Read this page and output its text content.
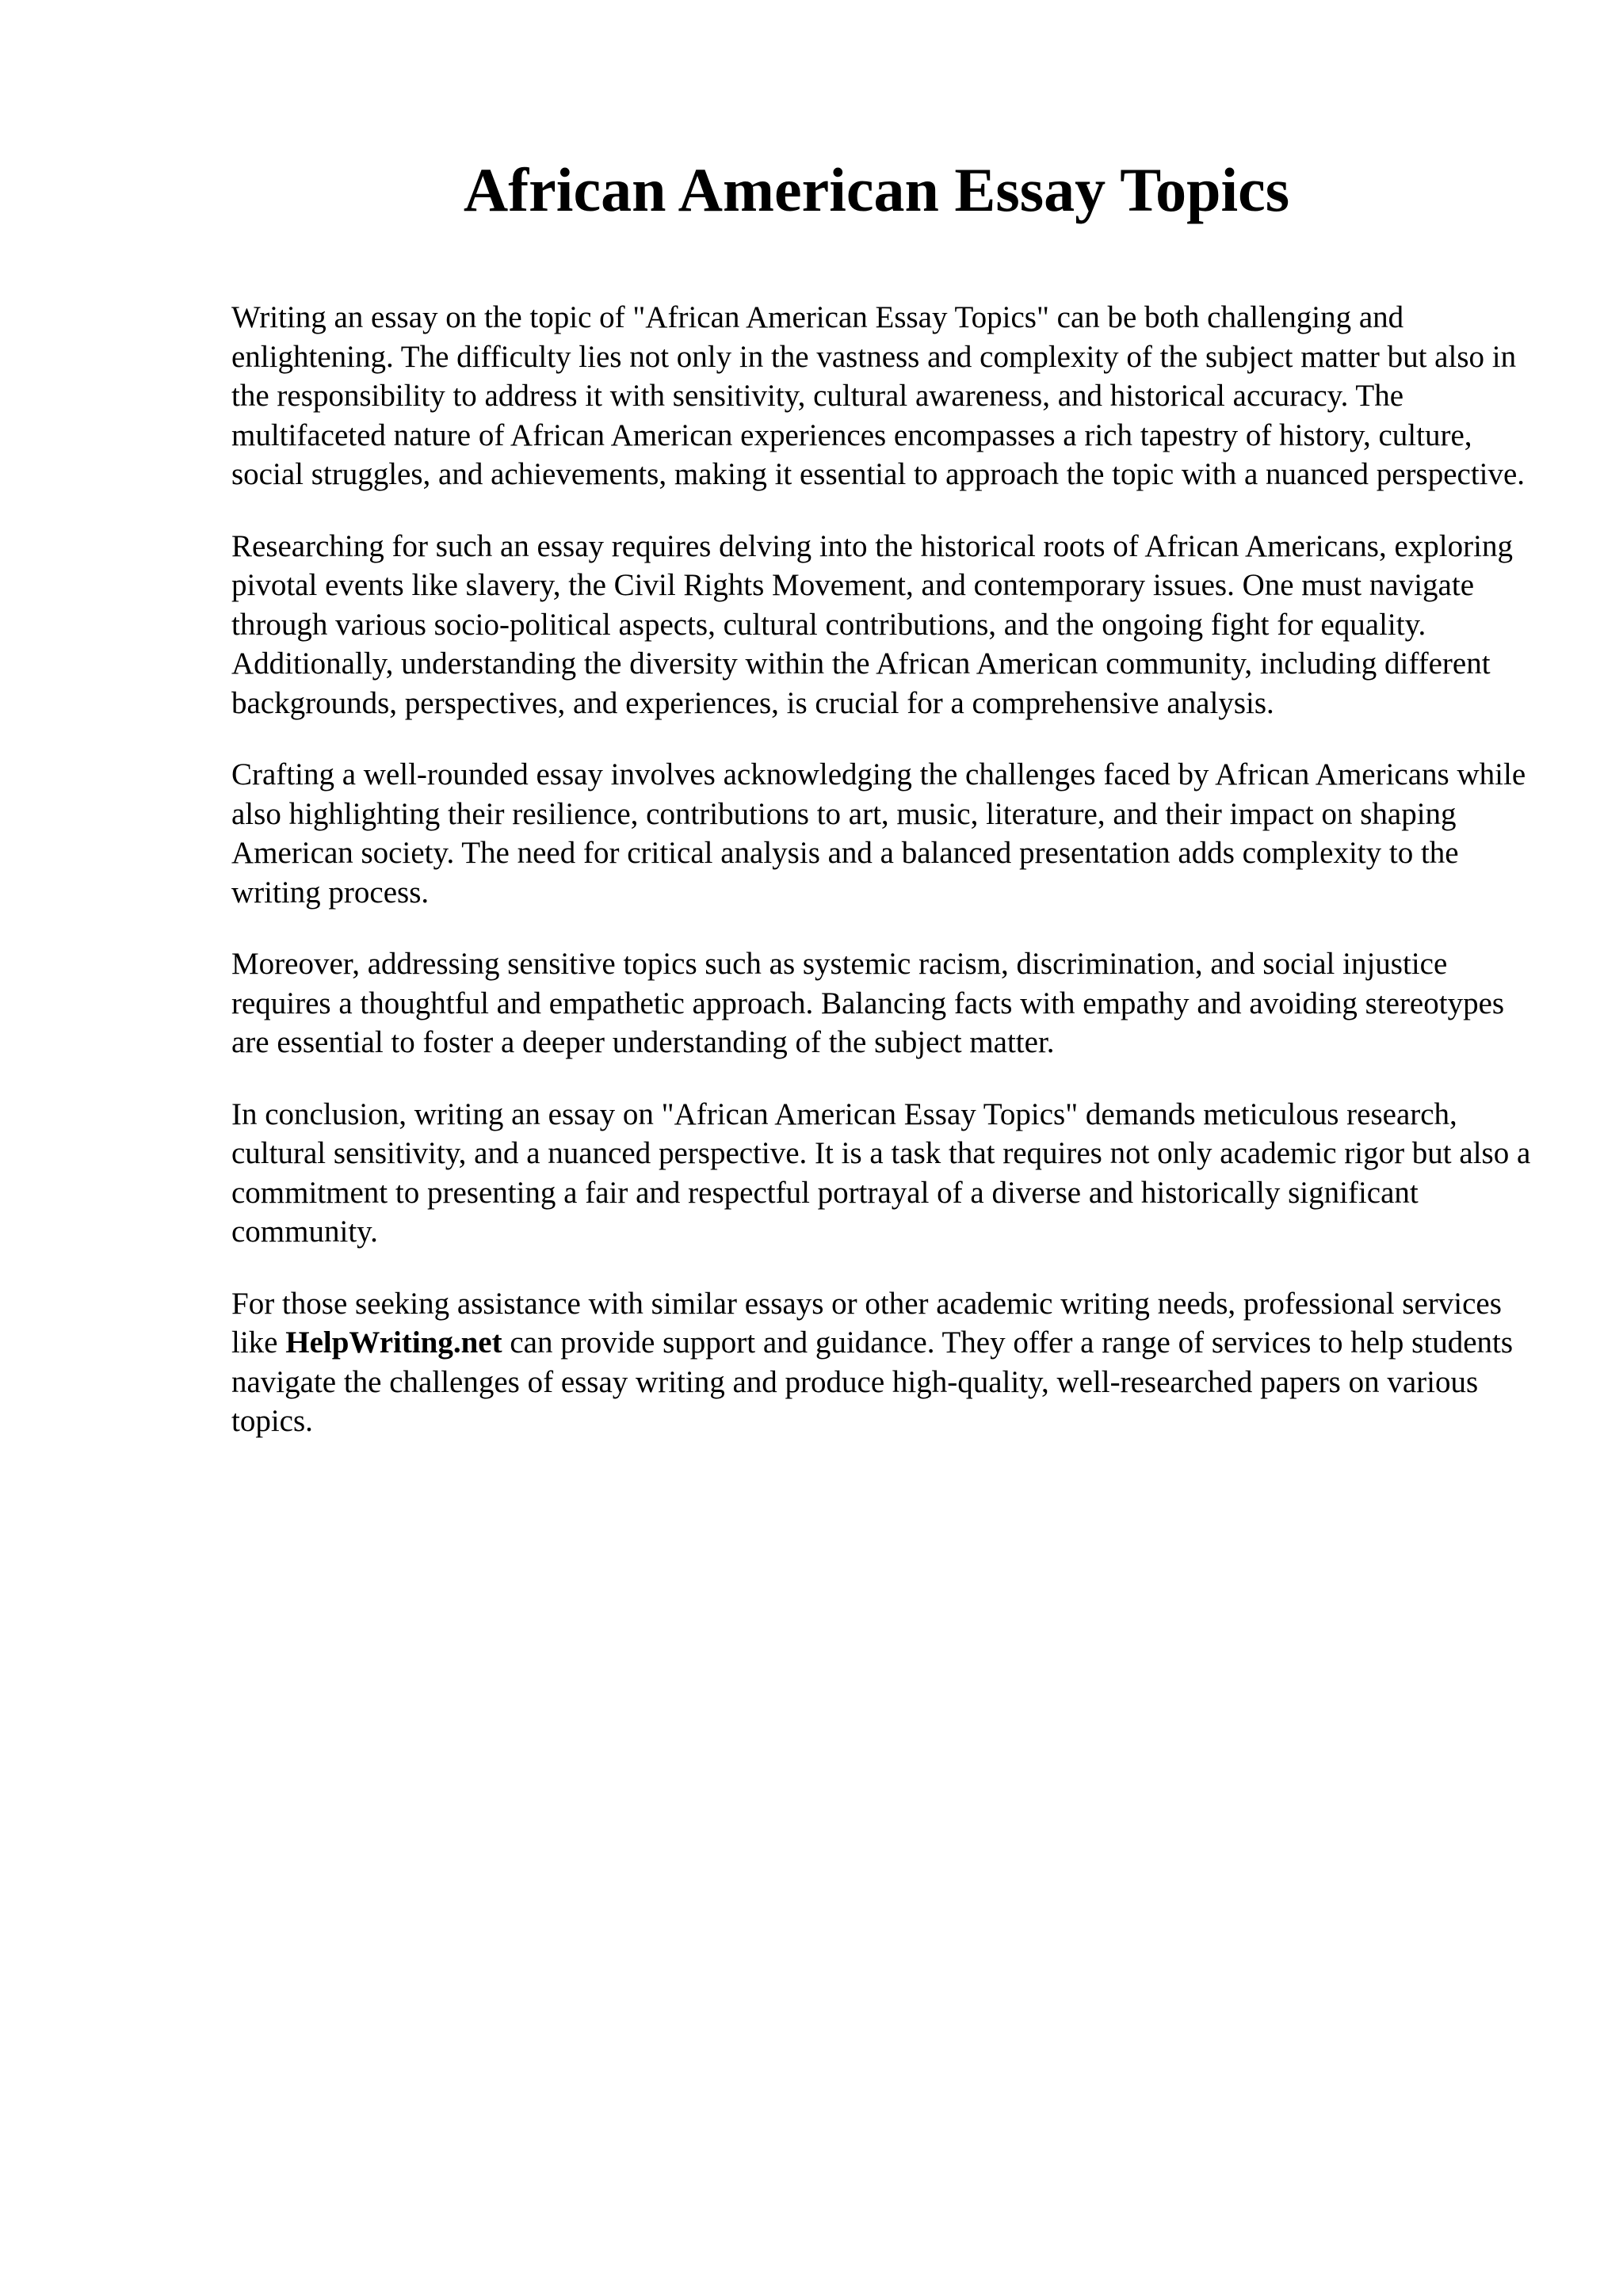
African American Essay Topics

Writing an essay on the topic of "African American Essay Topics" can be both challenging and enlightening. The difficulty lies not only in the vastness and complexity of the subject matter but also in the responsibility to address it with sensitivity, cultural awareness, and historical accuracy. The multifaceted nature of African American experiences encompasses a rich tapestry of history, culture, social struggles, and achievements, making it essential to approach the topic with a nuanced perspective.

Researching for such an essay requires delving into the historical roots of African Americans, exploring pivotal events like slavery, the Civil Rights Movement, and contemporary issues. One must navigate through various socio-political aspects, cultural contributions, and the ongoing fight for equality. Additionally, understanding the diversity within the African American community, including different backgrounds, perspectives, and experiences, is crucial for a comprehensive analysis.

Crafting a well-rounded essay involves acknowledging the challenges faced by African Americans while also highlighting their resilience, contributions to art, music, literature, and their impact on shaping American society. The need for critical analysis and a balanced presentation adds complexity to the writing process.

Moreover, addressing sensitive topics such as systemic racism, discrimination, and social injustice requires a thoughtful and empathetic approach. Balancing facts with empathy and avoiding stereotypes are essential to foster a deeper understanding of the subject matter.

In conclusion, writing an essay on "African American Essay Topics" demands meticulous research, cultural sensitivity, and a nuanced perspective. It is a task that requires not only academic rigor but also a commitment to presenting a fair and respectful portrayal of a diverse and historically significant community.

For those seeking assistance with similar essays or other academic writing needs, professional services like HelpWriting.net can provide support and guidance. They offer a range of services to help students navigate the challenges of essay writing and produce high-quality, well-researched papers on various topics.
